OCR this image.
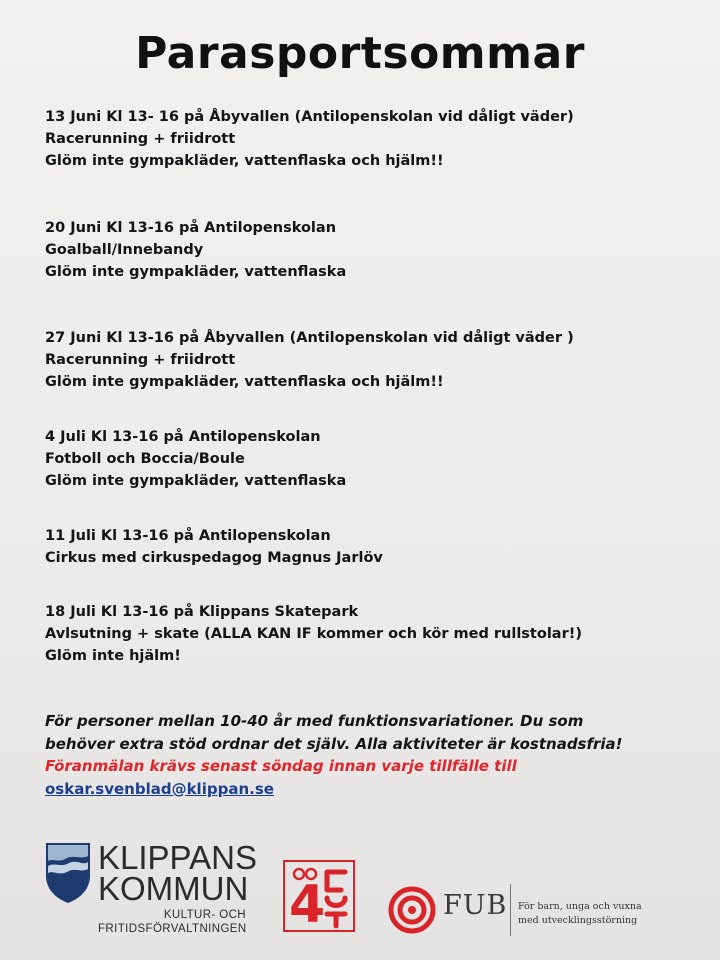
Parasportsommar
13 Juni Kl 13- 16 på Åbyvallen (Antilopenskolan vid dåligt väder)
Racerunning + friidrott
Glöm inte gympakläder, vattenflaska och hjälm!!
20 Juni Kl 13-16 på Antilopenskolan
Goalball/Innebandy
Glöm inte gympakläder, vattenflaska
27 Juni Kl 13-16 på Åbyvallen (Antilopenskolan vid dåligt väder )
Racerunning + friidrott
Glöm inte gympakläder, vattenflaska och hjälm!!
4 Juli Kl 13-16 på Antilopenskolan
Fotboll och Boccia/Boule
Glöm inte gympakläder, vattenflaska
11 Juli Kl 13-16 på Antilopenskolan
Cirkus med cirkuspedagog Magnus Jarlöv
18 Juli Kl 13-16 på Klippans Skatepark
Avlsutning + skate (ALLA KAN IF kommer och kör med rullstolar!)
Glöm inte hjälm!
För personer mellan 10-40 år med funktionsvariationer. Du som
behöver extra stöd ordnar det själv. Alla aktiviteter är kostnadsfria!
Föranmälan krävs senast söndag innan varje tillfälle till
oskar.svenblad@klippan.se
KLIPPANS
KOMMUN
KULTUR- OCH
FRITIDSFÖRVALTNINGEN 4	FUB För barn, unga och vuxna
med utvecklingsstörning
